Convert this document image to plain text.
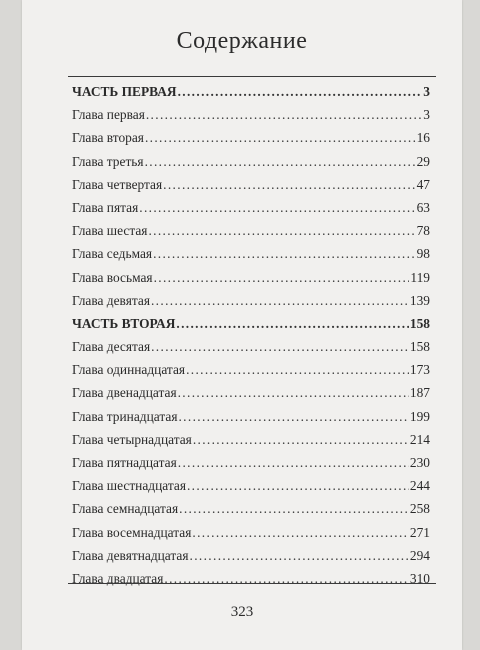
Содержание
ЧАСТЬ ПЕРВАЯ . . .	3
Глава первая . . .	3
Глава вторая . . .	16
Глава третья . . .	29
Глава четвертая . . .	47
Глава пятая . . .	63
Глава шестая . . .	78
Глава седьмая . . .	98
Глава восьмая . . .	119
Глава девятая . . .	139
ЧАСТЬ ВТОРАЯ . . .	158
Глава десятая . . .	158
Глава одиннадцатая . . .	173
Глава двенадцатая . . .	187
Глава тринадцатая . . .	199
Глава четырнадцатая . . .	214
Глава пятнадцатая . . .	230
Глава шестнадцатая . . .	244
Глава семнадцатая . . .	258
Глава восемнадцатая . . .	271
Глава девятнадцатая . . .	294
Глава двадцатая . . .	310
323
